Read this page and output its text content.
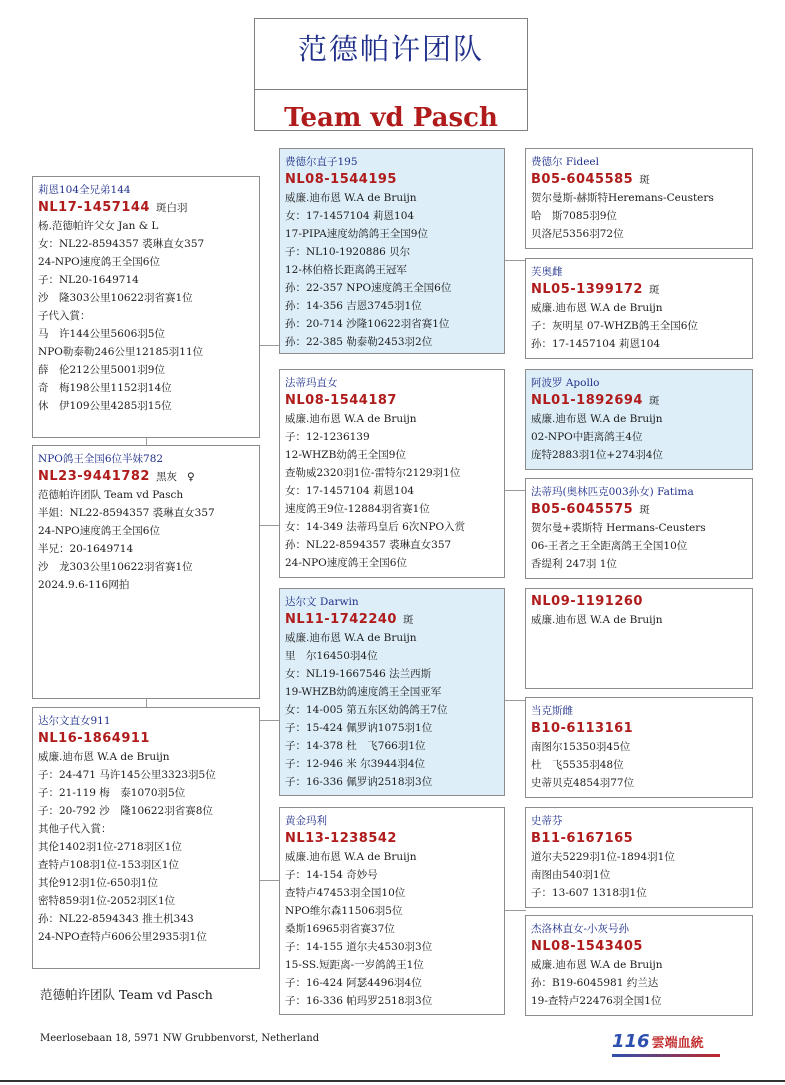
范德帕许团队
Team vd Pasch
莉恩104全兄弟144
NL17-1457144 斑白羽
杨.范德帕许父女 Jan & L
女：NL22-8594357 裘琳直女357
24-NPO速度鸽王全国6位
子：NL20-1649714
沙　隆303公里10622羽省赛1位
子代入賞：
马　许144公里5606羽5位
NPO勒泰勒246公里12185羽11位
薛　伦212公里5001羽9位
奇　梅198公里1152羽14位
休　伊109公里4285羽15位
NPO鸽王全国6位半妹782
NL23-9441782 黑灰 ♀
范德帕许团队 Team vd Pasch
半姐：NL22-8594357 裘琳直女357
24-NPO速度鸽王全国6位
半兄：20-1649714
沙　龙303公里10622羽省赛1位
2024.9.6-116网拍
达尔文直女911
NL16-1864911
威廉.迪布恩 W.A de Bruijn
子：24-471 马许145公里3323羽5位
子：21-119 梅　泰1070羽5位
子：20-792 沙　隆10622羽省赛8位
其他子代入賞：
其伦1402羽1位-2718羽区1位
查特卢108羽1位-153羽区1位
其伦912羽1位-650羽1位
密特859羽1位-2052羽区1位
孙：NL22-8594343 推土机343
24-NPO查特卢606公里2935羽1位
费德尔直子195
NL08-1544195
威廉.迪布恩 W.A de Bruijn
女：17-1457104 莉恩104
17-PIPA速度幼鸽鸽王全国9位
子：NL10-1920886 贝尔
12-林伯格长距离鸽王冠军
孙：22-357 NPO速度鸽王全国6位
孙：14-356 吉恩3745羽1位
孙：20-714 沙隆10622羽省赛1位
孙：22-385 勒泰勒2453羽2位
法蒂玛直女
NL08-1544187
威廉.迪布恩 W.A de Bruijn
子：12-1236139
12-WHZB幼鸽王全国9位
查勒威2320羽1位-雷特尔2129羽1位
女：17-1457104 莉恩104
速度鸽王9位-12884羽省赛1位
女：14-349 法蒂玛皇后 6次NPO入赏
孙：NL22-8594357 裘琳直女357
24-NPO速度鸽王全国6位
达尔文 Darwin
NL11-1742240 斑
威廉.迪布恩 W.A de Bruijn
里　尔16450羽4位
女：NL19-1667546 法兰西斯
19-WHZB幼鸽速度鸽王全国亚军
女：14-005 第五东区幼鸽鸽王7位
子：15-424 佩罗讷1075羽1位
子：14-378 杜　飞766羽1位
子：12-946 米 尔3944羽4位
子：16-336 佩罗讷2518羽3位
黄金玛利
NL13-1238542
威廉.迪布恩 W.A de Bruijn
子：14-154 奇妙号
查特卢47453羽全国10位
NPO维尔森11506羽5位
桑斯16965羽省赛37位
子：14-155 道尔夫4530羽3位
15-SS.短距离-一岁鸽鸽王1位
子：16-424 阿瑟4496羽4位
子：16-336 帕玛罗2518羽3位
费德尔 Fideel
B05-6045585 斑
贺尔曼斯-赫斯特Heremans-Ceusters
哈　斯7085羽9位
贝洛尼5356羽72位
芙奥雌
NL05-1399172 斑
威廉.迪布恩 W.A de Bruijn
子：灰明星 07-WHZB鸽王全国6位
孙：17-1457104 莉恩104
阿波罗 Apollo
NL01-1892694 斑
威廉.迪布恩 W.A de Bruijn
02-NPO中距离鸽王4位
庞特2883羽1位+274羽4位
法蒂玛(奥林匹克003孙女) Fatima
B05-6045575 斑
贺尔曼+裘斯特 Hermans-Ceusters
06-王者之王全距离鸽王全国10位
香缇利 247羽 1位
NL09-1191260
威廉.迪布恩 W.A de Bruijn
当克斯雌
B10-6113161
南图尔15350羽45位
杜　飞5535羽48位
史蒂贝克4854羽77位
史蒂芬
B11-6167165
道尔夫5229羽1位-1894羽1位
南图由540羽1位
子：13-607 1318羽1位
杰洛林直女-小灰号孙
NL08-1543405
威廉.迪布恩 W.A de Bruijn
孙：B19-6045981 约兰达
19-查特卢22476羽全国1位
范德帕许团队 Team vd Pasch
Meerlosebaan 18, 5971 NW Grubbenvorst, Netherland	116 雲端血統
